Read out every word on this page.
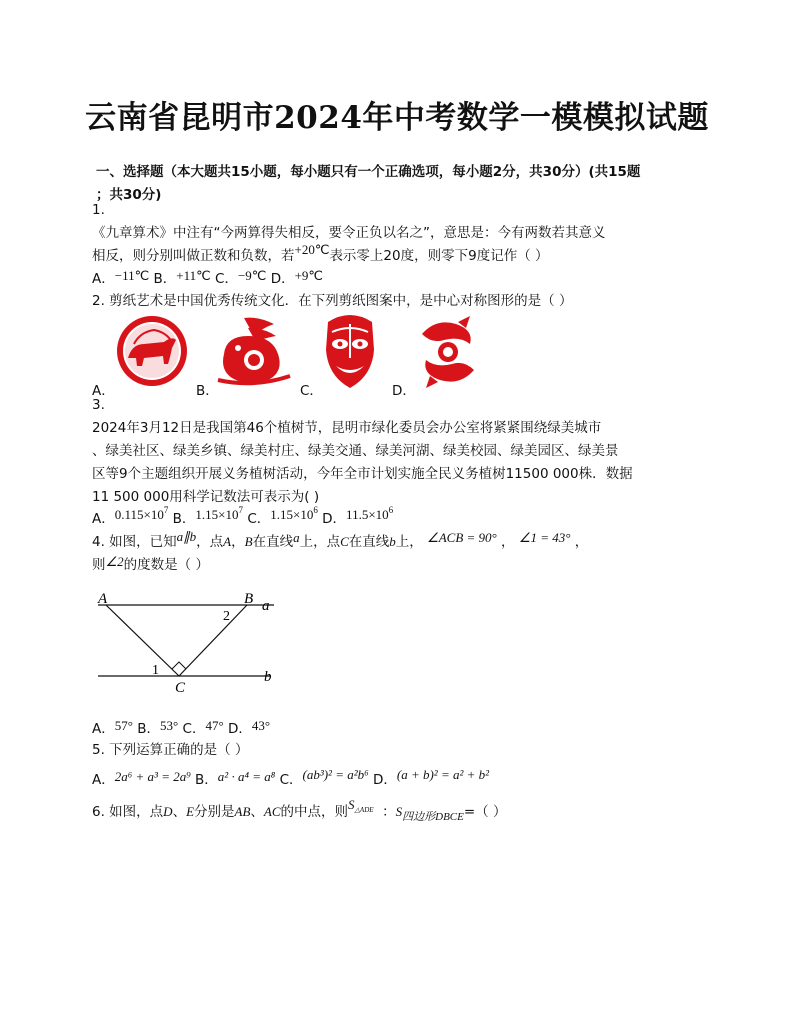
云南省昆明市2024年中考数学一模模拟试题
一、选择题（本大题共15小题，每小题只有一个正确选项，每小题2分，共30分）(共15题
；共30分)
1.
《九章算术》中注有“今两算得失相反，要令正负以名之”，意思是：今有两数若其意义
相反，则分别叫做正数和负数，若+20℃表示零上20度，则零下9度记作（ ）
A．−11℃ B．+11℃ C．−9℃ D．+9℃
2. 剪纸艺术是中国优秀传统文化．在下列剪纸图案中，是中心对称图形的是（ ）
A．	B．	C．	D．
3.
2024年3月12日是我国第46个植树节，昆明市绿化委员会办公室将紧紧围绕绿美城市
、绿美社区、绿美乡镇、绿美村庄、绿美交通、绿美河湖、绿美校园、绿美园区、绿美景
区等9个主题组织开展义务植树活动，今年全市计划实施全民义务植树11500 000株．数据
11 500 000用科学记数法可表示为( )
A．$0.115\times 10^7$ B．$1.15\times 10^7$ C．$1.15\times 10^6$ D．$11.5\times 10^6$
4. 如图，已知a∥b，点A，B在直线a上，点C在直线b上， ∠ACB = 90° ， ∠1 = 43° ，
则∠2的度数是（ ）
A	B a
b
C
1
2
A．57° B．53° C．47° D．43°
5. 下列运算正确的是（ ）
A．2a⁶ + a³ = 2a⁹ B．a² · a⁴ = a⁸ C．(ab³)² = a²b⁶ D．(a + b)² = a² + b²
6. 如图，点D、E分别是AB、AC的中点，则$S_{\triangle ADE}$ ：$S_{四边形DBCE}=$（ ）
